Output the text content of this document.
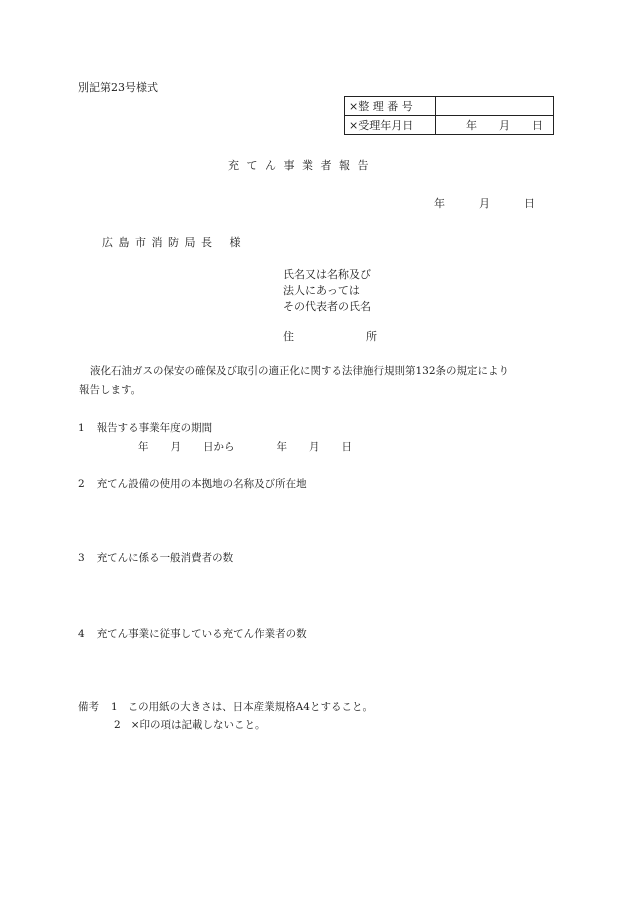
別記第23号様式
×整 理 番 号	
×受理年月日	年 月 日
充 て ん 事 業 者 報 告
年	月	日
広 島 市 消 防 局 長　 様
氏名又は名称及び
法人にあっては
その代表者の氏名
住	所
液化石油ガスの保安の確保及び取引の適正化に関する法律施行規則第132条の規定により
報告します。
1 報告する事業年度の期間
年 月 日から	年 月 日
2 充てん設備の使用の本拠地の名称及び所在地
3 充てんに係る一般消費者の数
4 充てん事業に従事している充てん作業者の数
備考 1 この用紙の大きさは、日本産業規格A4とすること。
2 ×印の項は記載しないこと。
